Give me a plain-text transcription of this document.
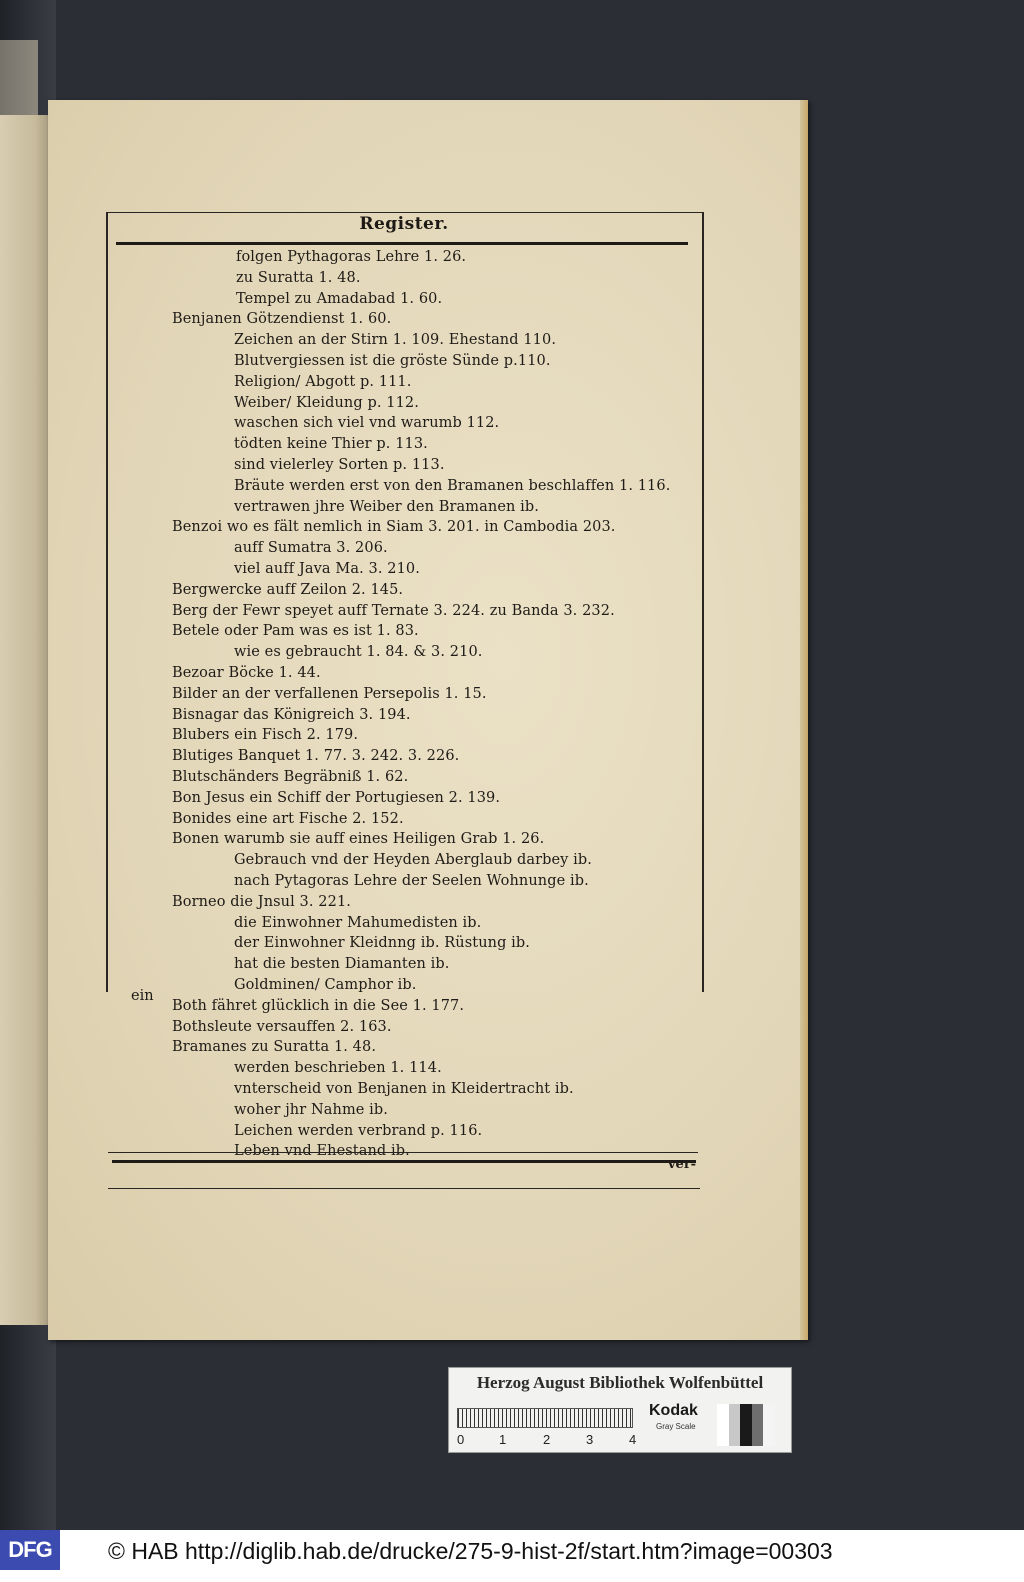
Register.
folgen Pythagoras Lehre 1. 26.
zu Suratta 1. 48.
Tempel zu Amadabad 1. 60.
Benjanen Götzendienst 1. 60.
Zeichen an der Stirn 1. 109. Ehestand 110.
Blutvergiessen ist die gröste Sünde p.110.
Religion/ Abgott p. 111.
Weiber/ Kleidung p. 112.
waschen sich viel vnd warumb 112.
tödten keine Thier p. 113.
sind vielerley Sorten p. 113.
Bräute werden erst von den Bramanen beschlaffen 1. 116.
vertrawen jhre Weiber den Bramanen ib.
Benzoi wo es fält nemlich in Siam 3. 201. in Cambodia 203.
auff Sumatra 3. 206.
viel auff Java Ma. 3. 210.
Bergwercke auff Zeilon 2. 145.
Berg der Fewr speyet auff Ternate 3. 224. zu Banda 3. 232.
Betele oder Pam was es ist 1. 83.
wie es gebraucht 1. 84. & 3. 210.
Bezoar Böcke 1. 44.
Bilder an der verfallenen Persepolis 1. 15.
Bisnagar das Königreich 3. 194.
Blubers ein Fisch 2. 179.
Blutiges Banquet 1. 77. 3. 242. 3. 226.
Blutschänders Begräbniß 1. 62.
Bon Jesus ein Schiff der Portugiesen 2. 139.
Bonides eine art Fische 2. 152.
Bonen warumb sie auff eines Heiligen Grab 1. 26.
Gebrauch vnd der Heyden Aberglaub darbey ib.
nach Pytagoras Lehre der Seelen Wohnunge ib.
Borneo die Jnsul 3. 221.
die Einwohner Mahumedisten ib.
der Einwohner Kleidnng ib. Rüstung ib.
hat die besten Diamanten ib.
Goldminen/ Camphor ib.
Both fähret glücklich in die See 1. 177.
Bothsleute versauffen 2. 163.
Bramanes zu Suratta 1. 48.
werden beschrieben 1. 114.
vnterscheid von Benjanen in Kleidertracht ib.
woher jhr Nahme ib.
Leichen werden verbrand p. 116.
Leben vnd Ehestand ib.
ein
ver-
Herzog August Bibliothek Wolfenbüttel
0	1	2	3	4
Kodak
Gray Scale
DFG	© HAB http://diglib.hab.de/drucke/275-9-hist-2f/start.htm?image=00303
